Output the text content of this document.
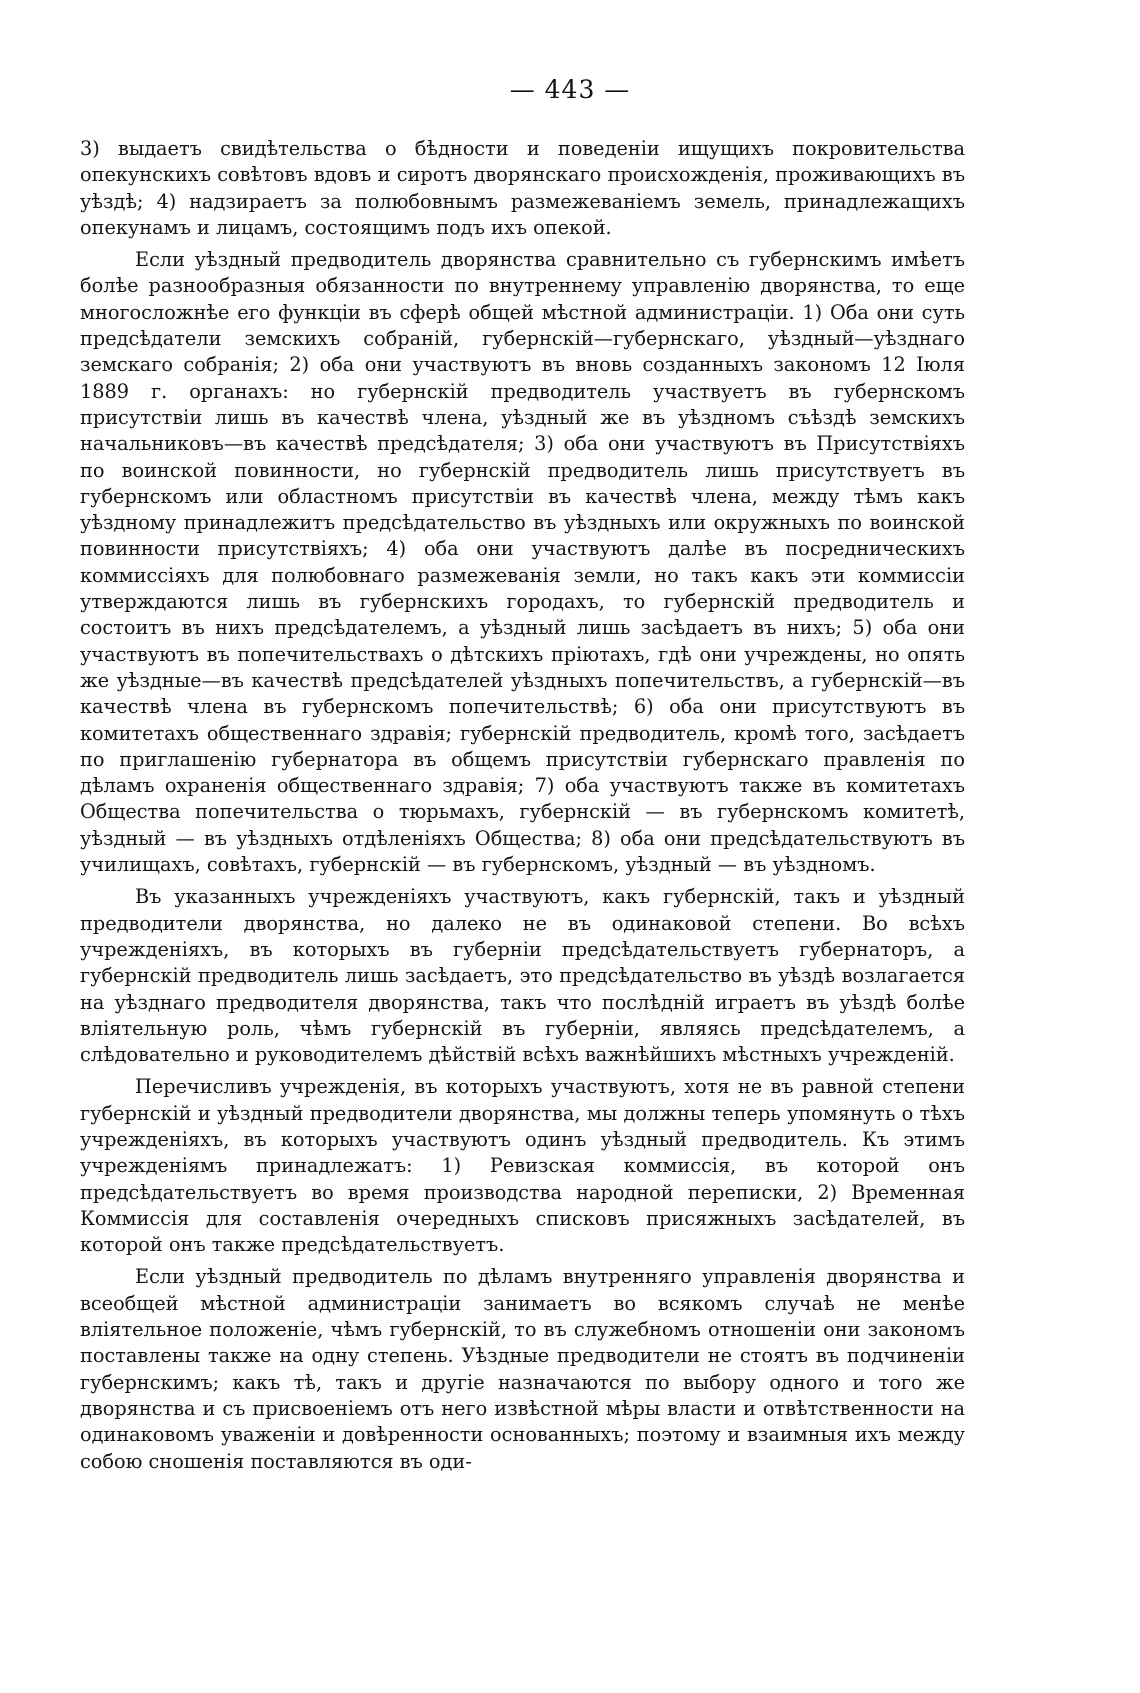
— 443 —

3) выдаетъ свидѣтельства о бѣдности и поведеніи ищущихъ покровительства опекунскихъ совѣтовъ вдовъ и сиротъ дворянскаго происхожденія, проживающихъ въ уѣздѣ; 4) надзираетъ за полюбовнымъ размежеваніемъ земель, принадлежащихъ опекунамъ и лицамъ, состоящимъ подъ ихъ опекой.

Если уѣздный предводитель дворянства сравнительно съ губернскимъ имѣетъ болѣе разнообразныя обязанности по внутреннему управленію дворянства, то еще многосложнѣе его функціи въ сферѣ общей мѣстной администраціи. 1) Оба они суть предсѣдатели земскихъ собраній, губернскій—губернскаго, уѣздный—уѣзднаго земскаго собранія; 2) оба они участвуютъ въ вновь созданныхъ закономъ 12 Іюля 1889 г. органахъ: но губернскій предводитель участвуетъ въ губернскомъ присутствіи лишь въ качествѣ члена, уѣздный же въ уѣздномъ съѣздѣ земскихъ начальниковъ—въ качествѣ предсѣдателя; 3) оба они участвуютъ въ Присутствіяхъ по воинской повинности, но губернскій предводитель лишь присутствуетъ въ губернскомъ или областномъ присутствіи въ качествѣ члена, между тѣмъ какъ уѣздному принадлежитъ предсѣдательство въ уѣздныхъ или окружныхъ по воинской повинности присутствіяхъ; 4) оба они участвуютъ далѣе въ посредническихъ коммиссіяхъ для полюбовнаго размежеванія земли, но такъ какъ эти коммиссіи утверждаются лишь въ губернскихъ городахъ, то губернскій предводитель и состоитъ въ нихъ предсѣдателемъ, а уѣздный лишь засѣдаетъ въ нихъ; 5) оба они участвуютъ въ попечительствахъ о дѣтскихъ пріютахъ, гдѣ они учреждены, но опять же уѣздные—въ качествѣ предсѣдателей уѣздныхъ попечительствъ, а губернскій—въ качествѣ члена въ губернскомъ попечительствѣ; 6) оба они присутствуютъ въ комитетахъ общественнаго здравія; губернскій предводитель, кромѣ того, засѣдаетъ по приглашенію губернатора въ общемъ присутствіи губернскаго правленія по дѣламъ охраненія общественнаго здравія; 7) оба участвуютъ также въ комитетахъ Общества попечительства о тюрьмахъ, губернскій — въ губернскомъ комитетѣ, уѣздный — въ уѣздныхъ отдѣленіяхъ Общества; 8) оба они предсѣдательствуютъ въ училищахъ, совѣтахъ, губернскій — въ губернскомъ, уѣздный — въ уѣздномъ.

Въ указанныхъ учрежденіяхъ участвуютъ, какъ губернскій, такъ и уѣздный предводители дворянства, но далеко не въ одинаковой степени. Во всѣхъ учрежденіяхъ, въ которыхъ въ губерніи предсѣдательствуетъ губернаторъ, а губернскій предводитель лишь засѣдаетъ, это предсѣдательство въ уѣздѣ возлагается на уѣзднаго предводителя дворянства, такъ что послѣдній играетъ въ уѣздѣ болѣе вліятельную роль, чѣмъ губернскій въ губерніи, являясь предсѣдателемъ, а слѣдовательно и руководителемъ дѣйствій всѣхъ важнѣйшихъ мѣстныхъ учрежденій.

Перечисливъ учрежденія, въ которыхъ участвуютъ, хотя не въ равной степени губернскій и уѣздный предводители дворянства, мы должны теперь упомянуть о тѣхъ учрежденіяхъ, въ которыхъ участвуютъ одинъ уѣздный предводитель. Къ этимъ учрежденіямъ принадлежатъ: 1) Ревизская коммиссія, въ которой онъ предсѣдательствуетъ во время производства народной переписки, 2) Временная Коммиссія для составленія очередныхъ списковъ присяжныхъ засѣдателей, въ которой онъ также предсѣдательствуетъ.

Если уѣздный предводитель по дѣламъ внутренняго управленія дворянства и всеобщей мѣстной администраціи занимаетъ во всякомъ случаѣ не менѣе вліятельное положеніе, чѣмъ губернскій, то въ служебномъ отношеніи они закономъ поставлены также на одну степень. Уѣздные предводители не стоятъ въ подчиненіи губернскимъ; какъ тѣ, такъ и другіе назначаются по выбору одного и того же дворянства и съ присвоеніемъ отъ него извѣстной мѣры власти и отвѣтственности на одинаковомъ уваженіи и довѣренности основанныхъ; поэтому и взаимныя ихъ между собою сношенія поставляются въ оди-
